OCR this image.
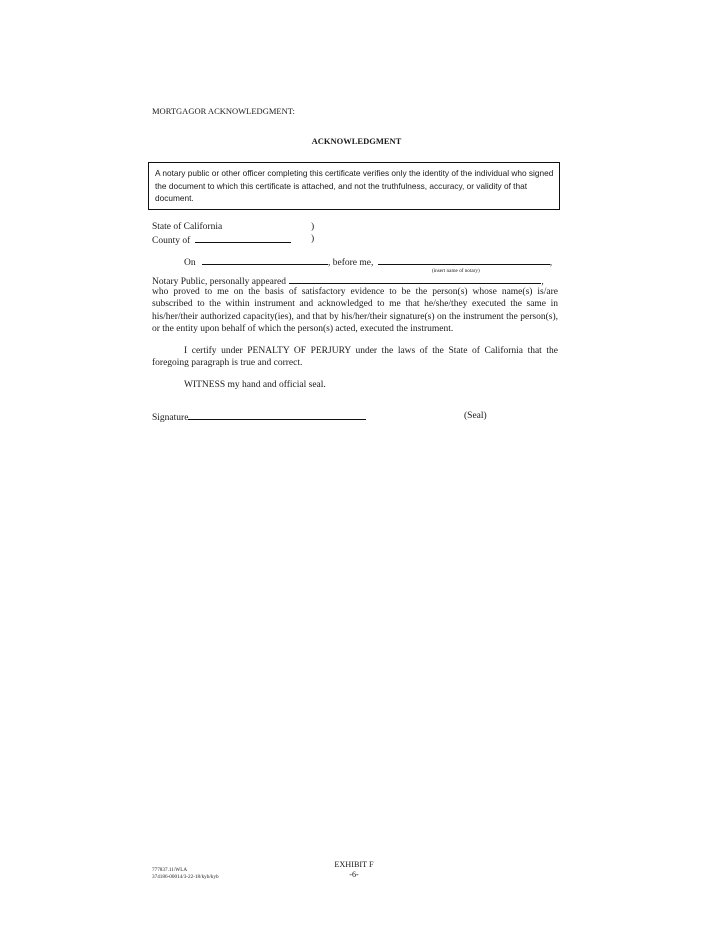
MORTGAGOR ACKNOWLEDGMENT:
ACKNOWLEDGMENT
A notary public or other officer completing this certificate verifies only the identity of the individual who signed the document to which this certificate is attached, and not the truthfulness, accuracy, or validity of that document.
State of California	)
County of	)
On	, before me,	,
(insert name of notary)
Notary Public, personally appeared	,
who proved to me on the basis of satisfactory evidence to be the person(s) whose name(s) is/are subscribed to the within instrument and acknowledged to me that he/she/they executed the same in his/her/their authorized capacity(ies), and that by his/her/their signature(s) on the instrument the person(s), or the entity upon behalf of which the person(s) acted, executed the instrument.
I certify under PENALTY OF PERJURY under the laws of the State of California that the foregoing paragraph is true and correct.
WITNESS my hand and official seal.
Signature	(Seal)
777837.11/WLA
374186-00014/3-22-18/kyb/kyb
EXHIBIT F
-6-
